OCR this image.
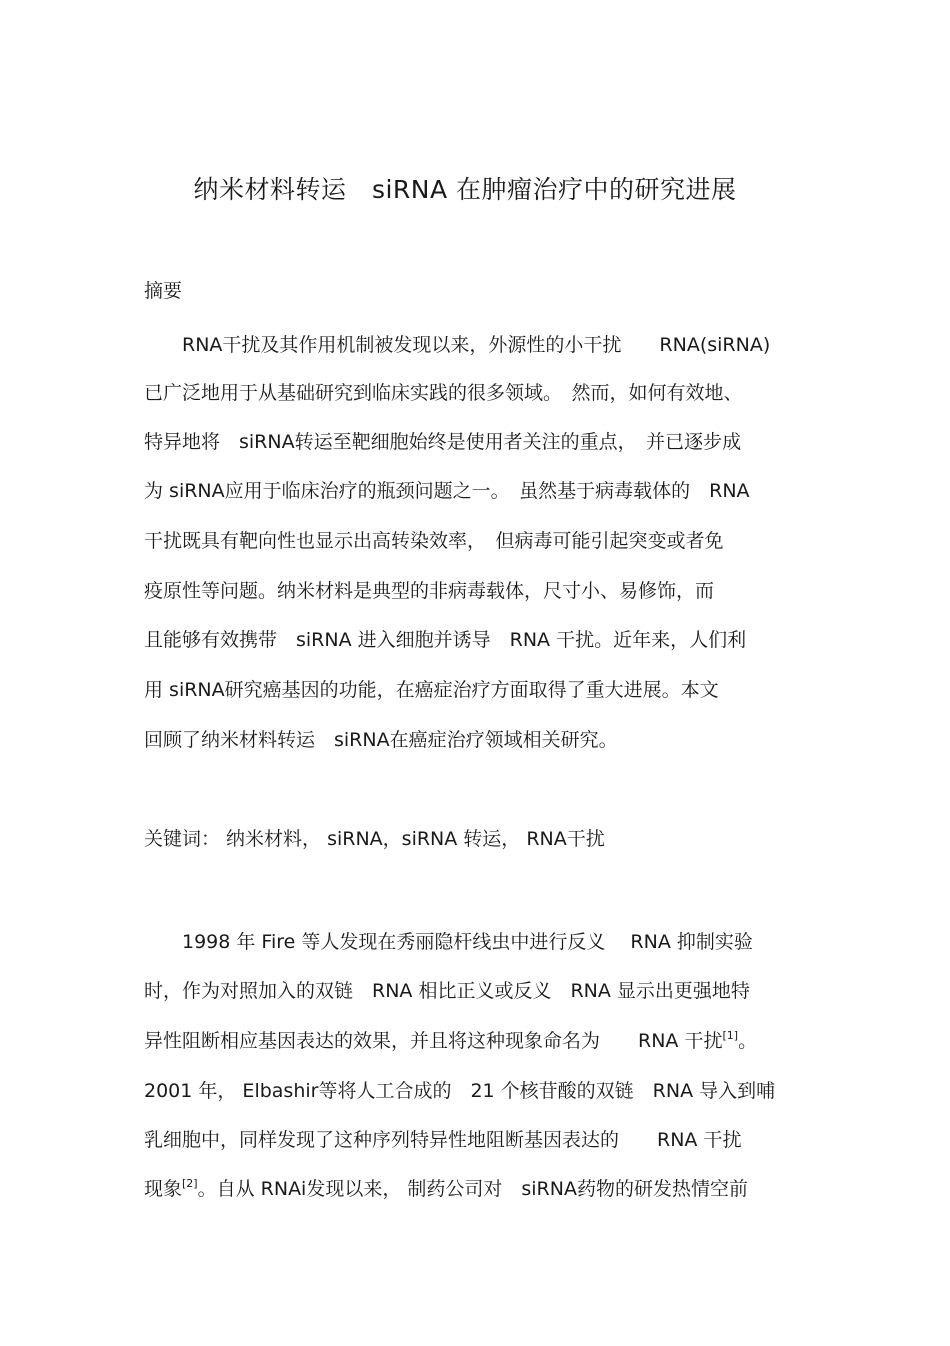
纳米材料转运　siRNA 在肿瘤治疗中的研究进展
摘要
RNA干扰及其作用机制被发现以来，外源性的小干扰　　RNA(siRNA)
已广泛地用于从基础研究到临床实践的很多领域。　然而，如何有效地、
特异地将　siRNA转运至靶细胞始终是使用者关注的重点，　并已逐步成
为 siRNA应用于临床治疗的瓶颈问题之一。　虽然基于病毒载体的　RNA
干扰既具有靶向性也显示出高转染效率，　但病毒可能引起突变或者免
疫原性等问题。纳米材料是典型的非病毒载体，尺寸小、易修饰，而
且能够有效携带　siRNA 进入细胞并诱导　RNA 干扰。近年来，人们利
用 siRNA研究癌基因的功能，在癌症治疗方面取得了重大进展。本文
回顾了纳米材料转运　siRNA在癌症治疗领域相关研究。
关键词： 纳米材料， siRNA，siRNA 转运， RNA干扰
1998 年 Fire 等人发现在秀丽隐杆线虫中进行反义　 RNA 抑制实验
时，作为对照加入的双链　RNA 相比正义或反义　RNA 显示出更强地特
异性阻断相应基因表达的效果，并且将这种现象命名为　　RNA 干扰[1]。
2001 年， Elbashir等将人工合成的　21 个核苷酸的双链　RNA 导入到哺
乳细胞中，同样发现了这种序列特异性地阻断基因表达的　　RNA 干扰
现象[2]。自从 RNAi发现以来， 制药公司对　siRNA药物的研发热情空前
